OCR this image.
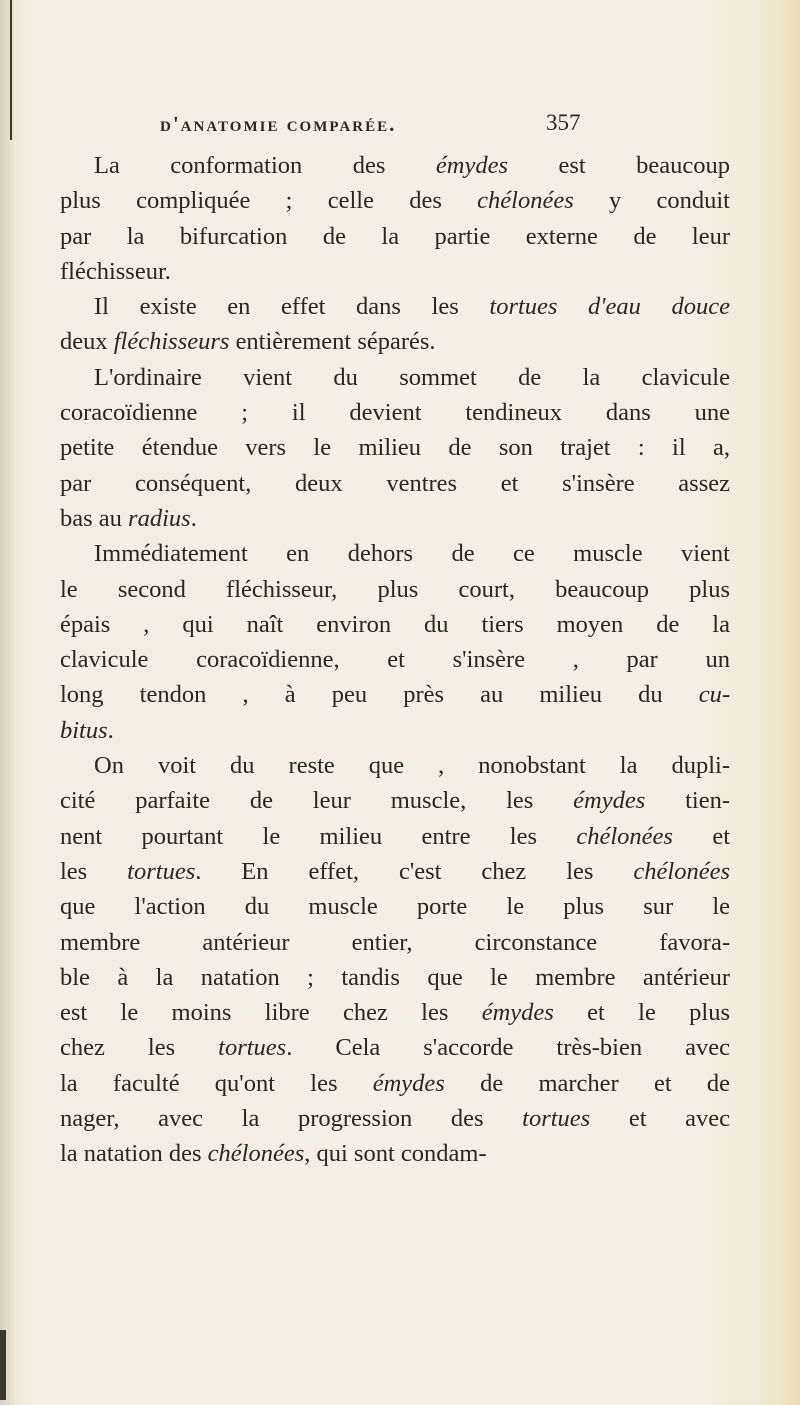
d'anatomie comparée.	357
La conformation des émydes est beaucoup
plus compliquée ; celle des chélonées y conduit
par la bifurcation de la partie externe de leur
fléchisseur.
Il existe en effet dans les tortues d'eau douce
deux fléchisseurs entièrement séparés.
L'ordinaire vient du sommet de la clavicule
coracoïdienne ; il devient tendineux dans une
petite étendue vers le milieu de son trajet : il a,
par conséquent, deux ventres et s'insère assez
bas au radius.
Immédiatement en dehors de ce muscle vient
le second fléchisseur, plus court, beaucoup plus
épais , qui naît environ du tiers moyen de la
clavicule coracoïdienne, et s'insère , par un
long tendon , à peu près au milieu du cu-
bitus.
On voit du reste que , nonobstant la dupli-
cité parfaite de leur muscle, les émydes tien-
nent pourtant le milieu entre les chélonées et
les tortues. En effet, c'est chez les chélonées
que l'action du muscle porte le plus sur le
membre antérieur entier, circonstance favora-
ble à la natation ; tandis que le membre antérieur
est le moins libre chez les émydes et le plus
chez les tortues. Cela s'accorde très-bien avec
la faculté qu'ont les émydes de marcher et de
nager, avec la progression des tortues et avec
la natation des chélonées, qui sont condam-
